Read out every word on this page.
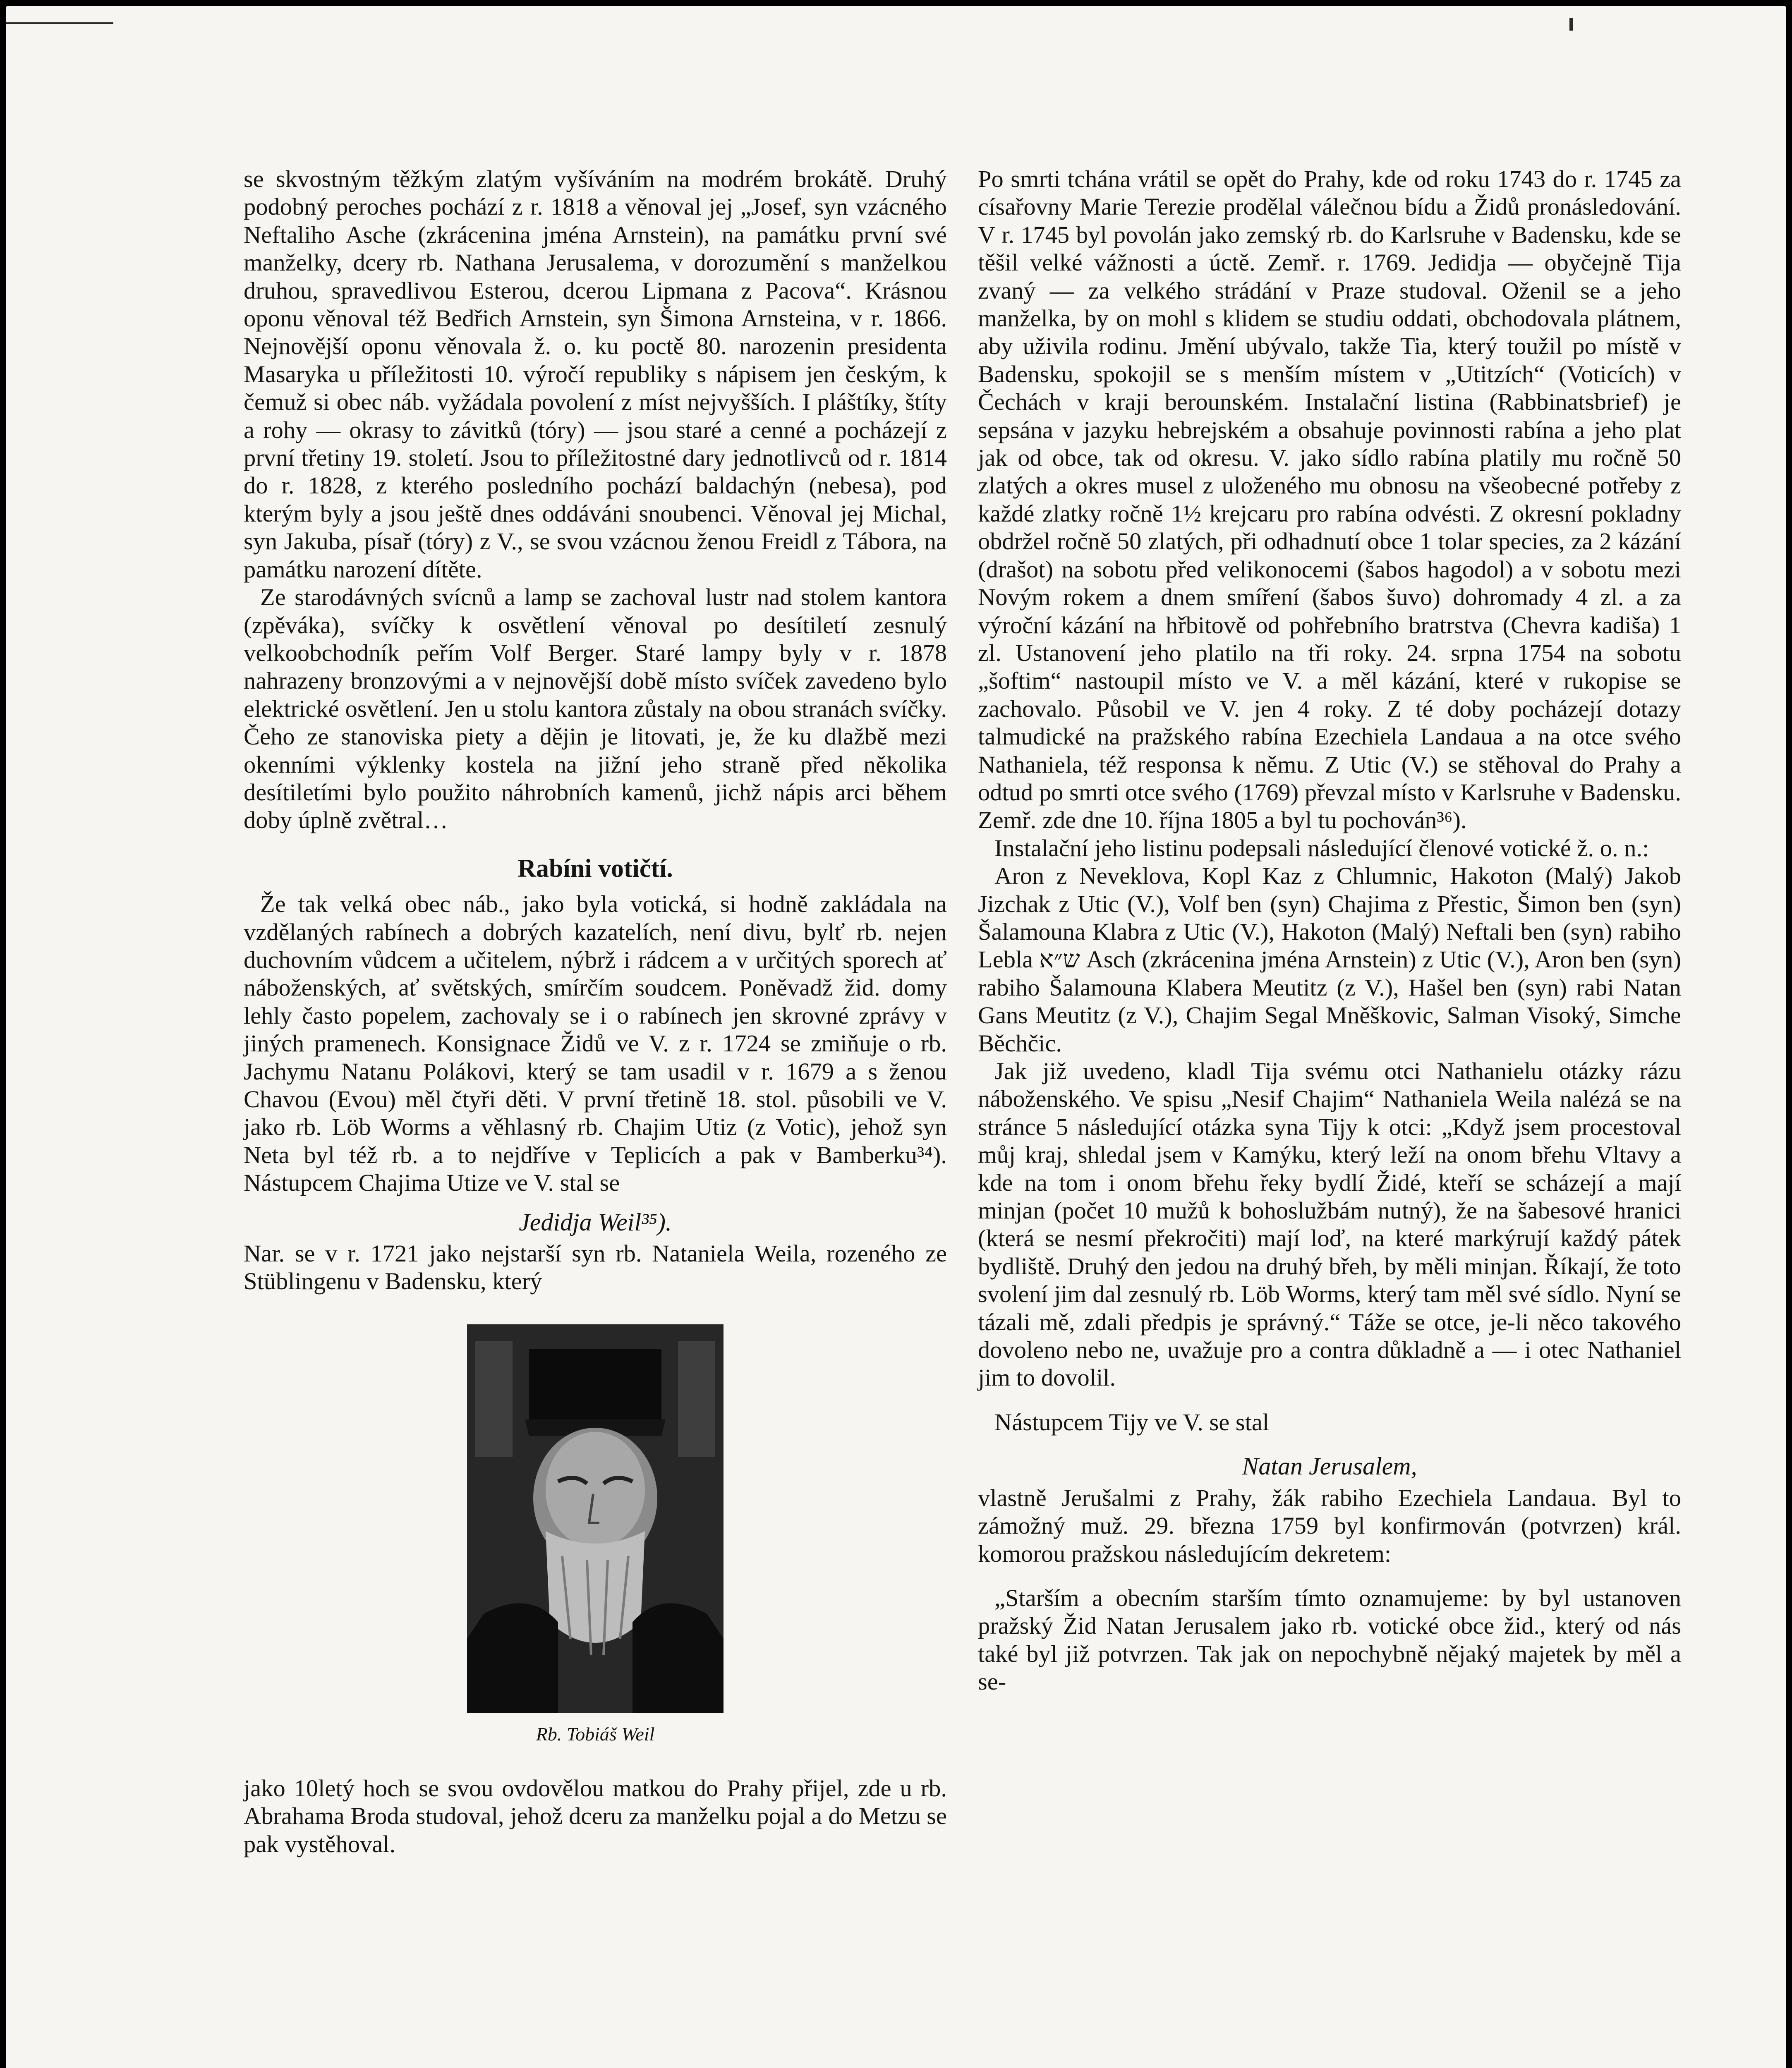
se skvostným těžkým zlatým vyšíváním na modrém brokátě. Druhý podobný peroches pochází z r. 1818 a věnoval jej „Josef, syn vzácného Neftaliho Asche (zkrácenina jména Arnstein), na památku první své manželky, dcery rb. Nathana Jerusalema, v dorozumění s manželkou druhou, spravedlivou Esterou, dcerou Lipmana z Pacova“. Krásnou oponu věnoval též Bedřich Arnstein, syn Šimona Arnsteina, v r. 1866. Nejnovější oponu věnovala ž. o. ku poctě 80. narozenin presidenta Masaryka u příležitosti 10. výročí republiky s nápisem jen českým, k čemuž si obec náb. vyžádala povolení z míst nejvyšších. I pláštíky, štíty a rohy — okrasy to závitků (tóry) — jsou staré a cenné a pocházejí z první třetiny 19. století. Jsou to příležitostné dary jednotlivců od r. 1814 do r. 1828, z kterého posledního pochází baldachýn (nebesa), pod kterým byly a jsou ještě dnes oddáváni snoubenci. Věnoval jej Michal, syn Jakuba, písař (tóry) z V., se svou vzácnou ženou Freidl z Tábora, na památku narození dítěte.

Ze starodávných svícnů a lamp se zachoval lustr nad stolem kantora (zpěváka), svíčky k osvětlení věnoval po desítiletí zesnulý velkoobchodník peřím Volf Berger. Staré lampy byly v r. 1878 nahrazeny bronzovými a v nejnovější době místo svíček zavedeno bylo elektrické osvětlení. Jen u stolu kantora zůstaly na obou stranách svíčky. Čeho ze stanoviska piety a dějin je litovati, je, že ku dlažbě mezi okenními výklenky kostela na jižní jeho straně před několika desítiletími bylo použito náhrobních kamenů, jichž nápis arci během doby úplně zvětral…

Rabíni votičtí.

Že tak velká obec náb., jako byla votická, si hodně zakládala na vzdělaných rabínech a dobrých kazatelích, není divu, bylť rb. nejen duchovním vůdcem a učitelem, nýbrž i rádcem a v určitých sporech ať náboženských, ať světských, smírčím soudcem. Poněvadž žid. domy lehly často popelem, zachovaly se i o rabínech jen skrovné zprávy v jiných pramenech. Konsignace Židů ve V. z r. 1724 se zmiňuje o rb. Jachymu Natanu Polákovi, který se tam usadil v r. 1679 a s ženou Chavou (Evou) měl čtyři děti. V první třetině 18. stol. působili ve V. jako rb. Löb Worms a věhlasný rb. Chajim Utiz (z Votic), jehož syn Neta byl též rb. a to nejdříve v Teplicích a pak v Bamberku³⁴). Nástupcem Chajima Utize ve V. stal se

Jedidja Weil³⁵).

Nar. se v r. 1721 jako nejstarší syn rb. Nataniela Weila, rozeného ze Stüblingenu v Badensku, který

Rb. Tobiáš Weil

jako 10letý hoch se svou ovdovělou matkou do Prahy přijel, zde u rb. Abrahama Broda studoval, jehož dceru za manželku pojal a do Metzu se pak vystěhoval.

Po smrti tchána vrátil se opět do Prahy, kde od roku 1743 do r. 1745 za císařovny Marie Terezie prodělal válečnou bídu a Židů pronásledování. V r. 1745 byl povolán jako zemský rb. do Karlsruhe v Badensku, kde se těšil velké vážnosti a úctě. Zemř. r. 1769. Jedidja — obyčejně Tija zvaný — za velkého strádání v Praze studoval. Oženil se a jeho manželka, by on mohl s klidem se studiu oddati, obchodovala plátnem, aby uživila rodinu. Jmění ubývalo, takže Tia, který toužil po místě v Badensku, spokojil se s menším místem v „Utitzích“ (Voticích) v Čechách v kraji berounském. Instalační listina (Rabbinatsbrief) je sepsána v jazyku hebrejském a obsahuje povinnosti rabína a jeho plat jak od obce, tak od okresu. V. jako sídlo rabína platily mu ročně 50 zlatých a okres musel z uloženého mu obnosu na všeobecné potřeby z každé zlatky ročně 1½ krejcaru pro rabína odvésti. Z okresní pokladny obdržel ročně 50 zlatých, při odhadnutí obce 1 tolar species, za 2 kázání (drašot) na sobotu před velikonocemi (šabos hagodol) a v sobotu mezi Novým rokem a dnem smíření (šabos šuvo) dohromady 4 zl. a za výroční kázání na hřbitově od pohřebního bratrstva (Chevra kadiša) 1 zl. Ustanovení jeho platilo na tři roky. 24. srpna 1754 na sobotu „šoftim“ nastoupil místo ve V. a měl kázání, které v rukopise se zachovalo. Působil ve V. jen 4 roky. Z té doby pocházejí dotazy talmudické na pražského rabína Ezechiela Landaua a na otce svého Nathaniela, též responsa k němu. Z Utic (V.) se stěhoval do Prahy a odtud po smrti otce svého (1769) převzal místo v Karlsruhe v Badensku. Zemř. zde dne 10. října 1805 a byl tu pochován³⁶).

Instalační jeho listinu podepsali následující členové votické ž. o. n.:

Aron z Neveklova, Kopl Kaz z Chlumnic, Hakoton (Malý) Jakob Jizchak z Utic (V.), Volf ben (syn) Chajima z Přestic, Šimon ben (syn) Šalamouna Klabra z Utic (V.), Hakoton (Malý) Neftali ben (syn) rabiho Lebla ש״א Asch (zkrácenina jména Arnstein) z Utic (V.), Aron ben (syn) rabiho Šalamouna Klabera Meutitz (z V.), Hašel ben (syn) rabi Natan Gans Meutitz (z V.), Chajim Segal Mněškovic, Salman Visoký, Simche Běchčic.

Jak již uvedeno, kladl Tija svému otci Nathanielu otázky rázu náboženského. Ve spisu „Nesif Chajim“ Nathaniela Weila nalézá se na stránce 5 následující otázka syna Tijy k otci: „Když jsem procestoval můj kraj, shledal jsem v Kamýku, který leží na onom břehu Vltavy a kde na tom i onom břehu řeky bydlí Židé, kteří se scházejí a mají minjan (počet 10 mužů k bohoslužbám nutný), že na šabesové hranici (která se nesmí překročiti) mají loď, na které markýrují každý pátek bydliště. Druhý den jedou na druhý břeh, by měli minjan. Říkají, že toto svolení jim dal zesnulý rb. Löb Worms, který tam měl své sídlo. Nyní se tázali mě, zdali předpis je správný.“ Táže se otce, je-li něco takového dovoleno nebo ne, uvažuje pro a contra důkladně a — i otec Nathaniel jim to dovolil.

Nástupcem Tijy ve V. se stal

Natan Jerusalem,

vlastně Jerušalmi z Prahy, žák rabiho Ezechiela Landaua. Byl to zámožný muž. 29. března 1759 byl konfirmován (potvrzen) král. komorou pražskou následujícím dekretem:

„Starším a obecním starším tímto oznamujeme: by byl ustanoven pražský Žid Natan Jerusalem jako rb. votické obce žid., který od nás také byl již potvrzen. Tak jak on nepochybně nějaký majetek by měl a se-
